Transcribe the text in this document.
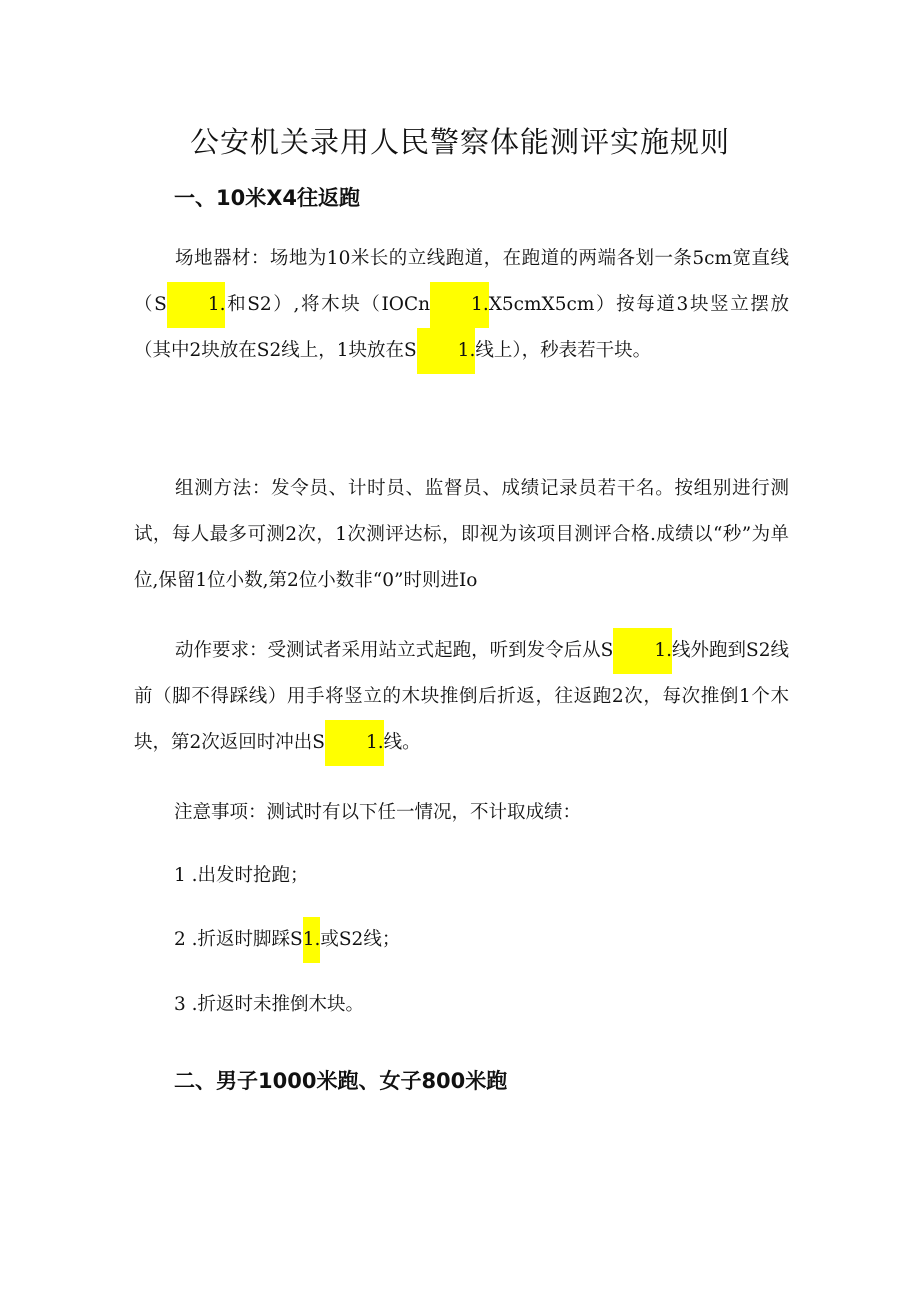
公安机关录用人民警察体能测评实施规则
一、10米X4往返跑
场地器材：场地为10米长的立线跑道，在跑道的两端各划一条5cm宽直线（S 1.和S2）,将木块（IOCn 1.X5cmX5cm）按每道3块竖立摆放（其中2块放在S2线上，1块放在S 1.线上），秒表若干块。
组测方法：发令员、计时员、监督员、成绩记录员若干名。按组别进行测试，每人最多可测2次，1次测评达标，即视为该项目测评合格.成绩以“秒”为单位,保留1位小数,第2位小数非“0”时则进Io
动作要求：受测试者采用站立式起跑，听到发令后从S 1.线外跑到S2线前（脚不得踩线）用手将竖立的木块推倒后折返，往返跑2次，每次推倒1个木块，第2次返回时冲出S 1.线。
注意事项：测试时有以下任一情况，不计取成绩：
1 .出发时抢跑；
2 .折返时脚踩S1.或S2线；
3 .折返时未推倒木块。
二、男子1000米跑、女子800米跑
